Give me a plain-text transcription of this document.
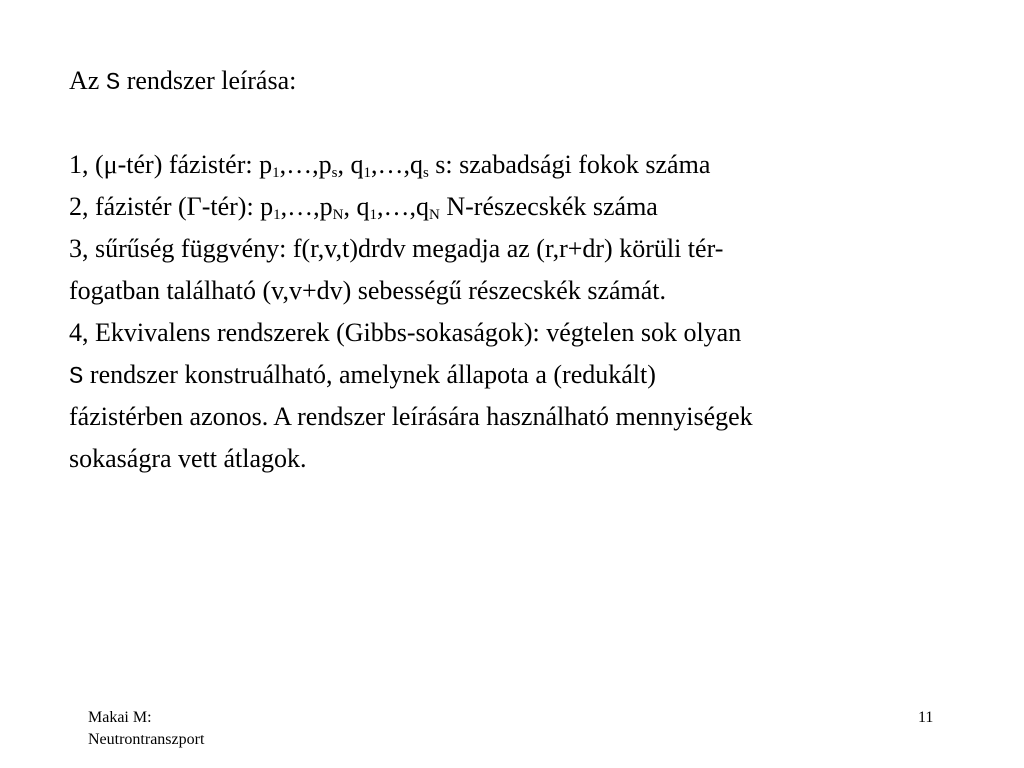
Az S rendszer leírása:
1, (μ-tér) fázistér: $p_1,\dots,p_s$, $q_1,\dots,q_s$ s: szabadsági fokok száma
2, fázistér (Γ-tér): $p_1,\dots,p_N$, $q_1,\dots,q_N$ N-részecskék száma
3, sűrűség függvény: f(r,v,t)drdv megadja az (r,r+dr) körüli tér-
fogatban található (v,v+dv) sebességű részecskék számát.
4, Ekvivalens rendszerek (Gibbs-sokaságok): végtelen sok olyan
S rendszer konstruálható, amelynek állapota a (redukált)
fázistérben azonos. A rendszer leírására használható mennyiségek
sokaságra vett átlagok.
Makai M:
Neutrontranszport
11
